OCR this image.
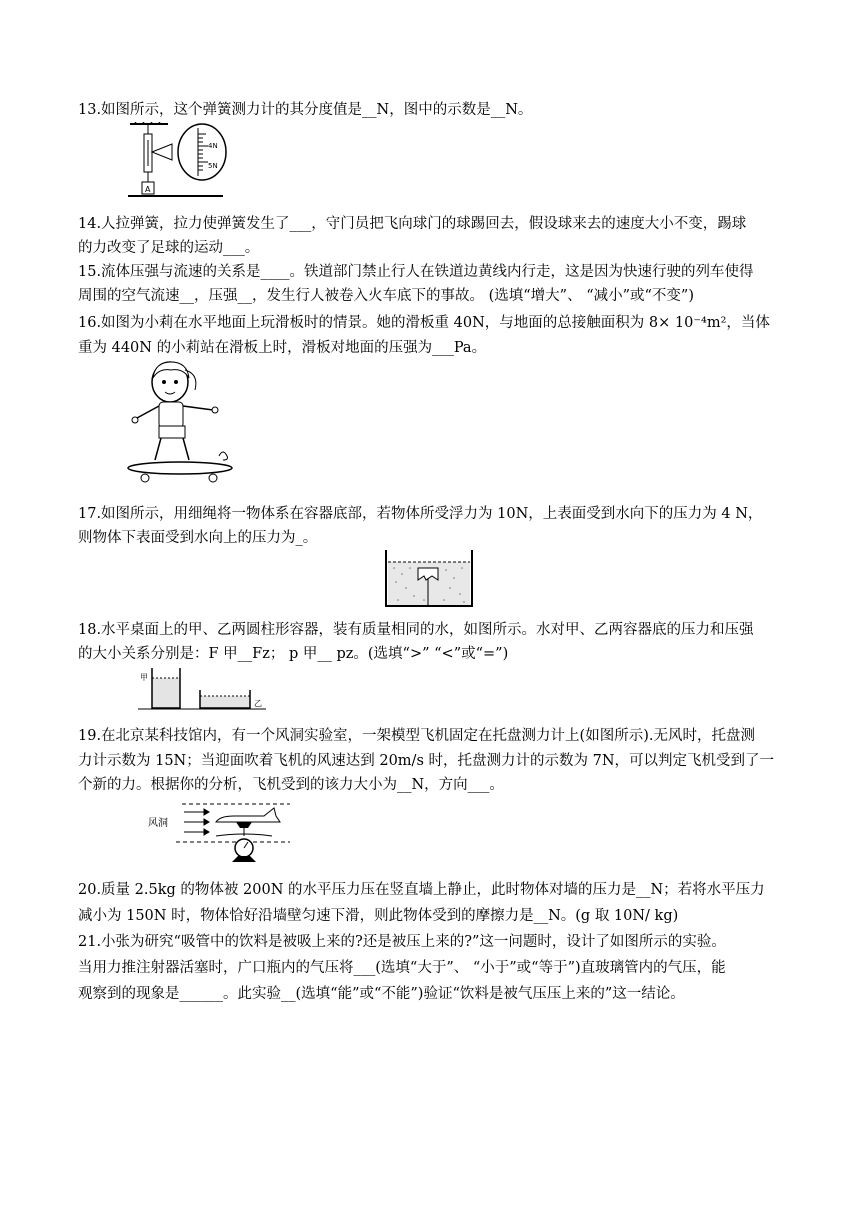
13.如图所示，这个弹簧测力计的其分度值是__N，图中的示数是__N。
A
4N
5N
14.人拉弹簧，拉力使弹簧发生了___，守门员把飞向球门的球踢回去，假设球来去的速度大小不变，踢球
的力改变了足球的运动___。
15.流体压强与流速的关系是____。铁道部门禁止行人在铁道边黄线内行走，这是因为快速行驶的列车使得
周围的空气流速__，压强__，发生行人被卷入火车底下的事故。 (选填“增大”、 “减小”或“不变”)
16.如图为小莉在水平地面上玩滑板时的情景。她的滑板重 40N，与地面的总接触面积为 8× 10⁻⁴m²，当体
重为 440N 的小莉站在滑板上时，滑板对地面的压强为___Pa。
17.如图所示，用细绳将一物体系在容器底部，若物体所受浮力为 10N，上表面受到水向下的压力为 4 N，
则物体下表面受到水向上的压力为_。
18.水平桌面上的甲、乙两圆柱形容器，装有质量相同的水，如图所示。水对甲、乙两容器底的压力和压强
的大小关系分别是：F 甲__Fz； p 甲__ pz。(选填“>” “<”或“=”)
甲
乙
19.在北京某科技馆内，有一个风洞实验室，一架模型飞机固定在托盘测力计上(如图所示).无风时，托盘测
力计示数为 15N；当迎面吹着飞机的风速达到 20m/s 时，托盘测力计的示数为 7N，可以判定飞机受到了一
个新的力。根据你的分析，飞机受到的该力大小为__N，方向___。
风洞
20.质量 2.5kg 的物体被 200N 的水平压力压在竖直墙上静止，此时物体对墙的压力是__N；若将水平压力
减小为 150N 时，物体恰好沿墙壁匀速下滑，则此物体受到的摩擦力是__N。(g 取 10N/ kg)
21.小张为研究“吸管中的饮料是被吸上来的?还是被压上来的?”这一问题时，设计了如图所示的实验。
当用力推注射器活塞时，广口瓶内的气压将___(选填“大于”、 “小于”或“等于”)直玻璃管内的气压，能
观察到的现象是______。此实验__(选填“能”或“不能”)验证“饮料是被气压压上来的”这一结论。
